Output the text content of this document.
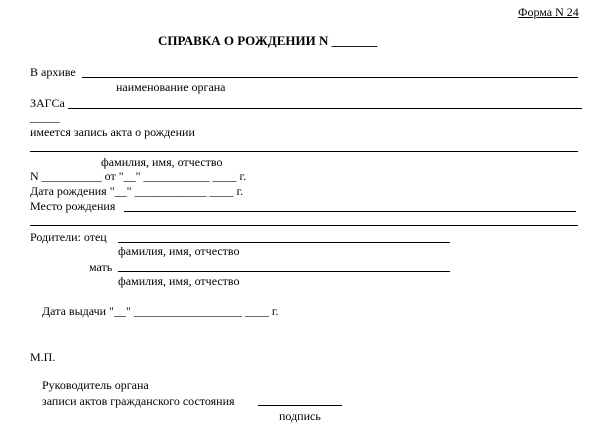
Форма N 24
СПРАВКА О РОЖДЕНИИ N _______
В архиве
наименование органа
ЗАГСа
_____
имеется запись акта о рождении
фамилия, имя, отчество
N __________ от "__" ___________ ____ г.
Дата рождения "__" ____________ ____ г.
Место рождения
Родители: отец
фамилия, имя, отчество
мать
фамилия, имя, отчество
Дата выдачи "__" __________________ ____ г.
М.П.
Руководитель органа
записи актов гражданского состояния
подпись
